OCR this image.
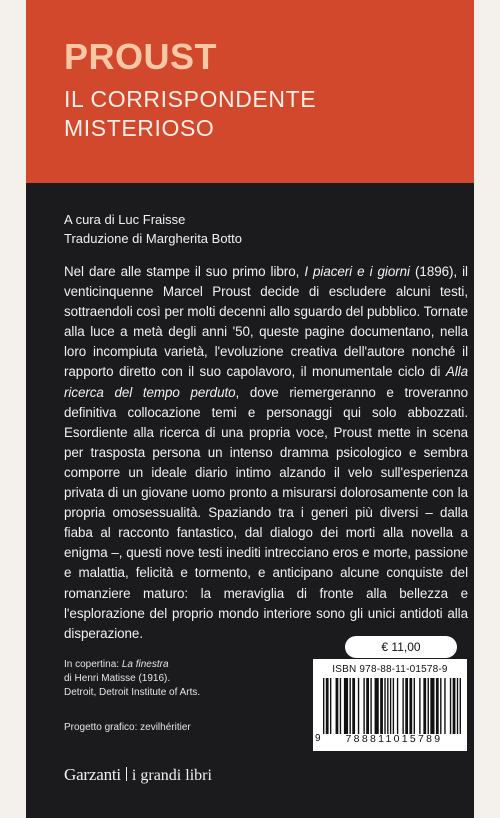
PROUST
IL CORRISPONDENTE
MISTERIOSO
A cura di Luc Fraisse
Traduzione di Margherita Botto

Nel dare alle stampe il suo primo libro, I piaceri e i giorni (1896), il venticinquenne Marcel Proust decide di escludere alcuni testi, sottraendoli così per molti decenni allo sguardo del pubblico. Tornate alla luce a metà degli anni '50, queste pagine documentano, nella loro incompiuta varietà, l'evoluzione creativa dell'autore nonché il rapporto diretto con il suo capolavoro, il monumentale ciclo di Alla ricerca del tempo perduto, dove riemergeranno e troveranno definitiva collocazione temi e personaggi qui solo abbozzati. Esordiente alla ricerca di una propria voce, Proust mette in scena per trasposta persona un intenso dramma psicologico e sembra comporre un ideale diario intimo alzando il velo sull'esperienza privata di un giovane uomo pronto a misurarsi dolorosamente con la propria omosessualità. Spaziando tra i generi più diversi – dalla fiaba al racconto fantastico, dal dialogo dei morti alla novella a enigma –, questi nove testi inediti intrecciano eros e morte, passione e malattia, felicità e tormento, e anticipano alcune conquiste del romanziere maturo: la meraviglia di fronte alla bellezza e l'esplorazione del proprio mondo interiore sono gli unici antidoti alla disperazione.

In copertina: La finestra
di Henri Matisse (1916).
Detroit, Detroit Institute of Arts.
Progetto grafico: zevilhéritier
Garzanti i grandi libri
€ 11,00
ISBN 978-88-11-01578-9
9	788811015789
